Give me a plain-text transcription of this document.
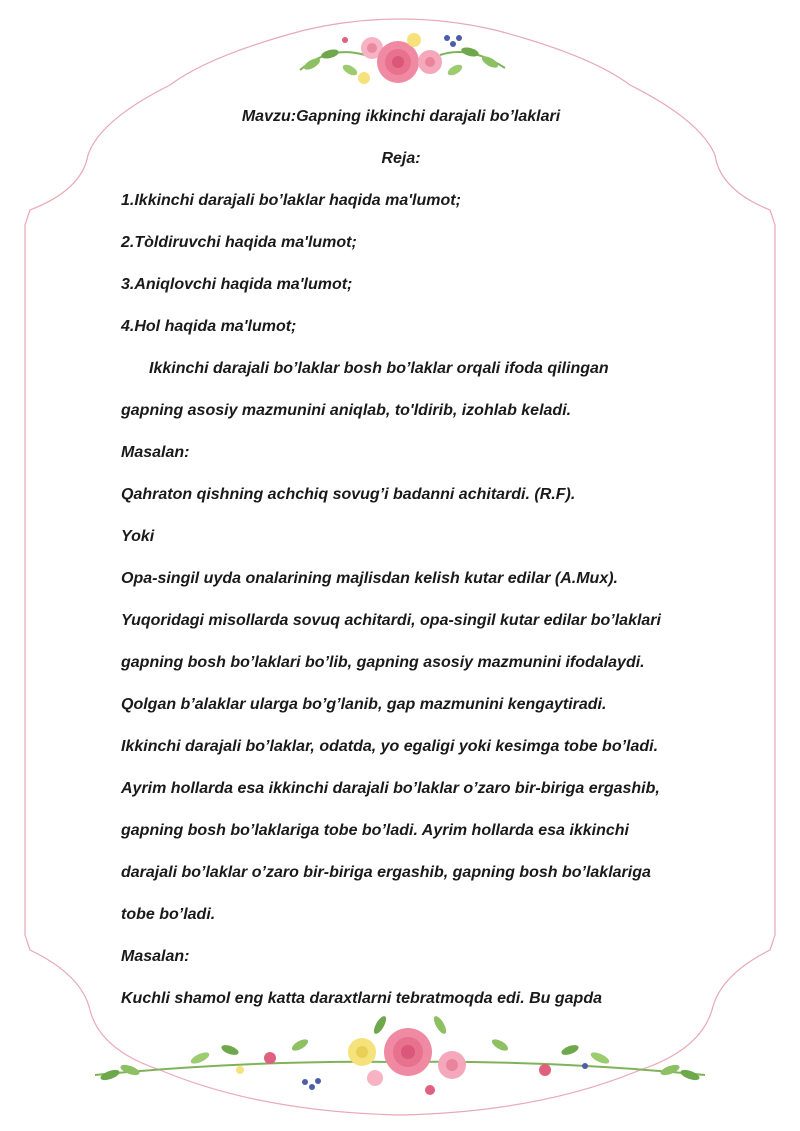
Mavzu:Gapning ikkinchi darajali bo’laklari
Reja:
1.Ikkinchi darajali bo’laklar haqida ma'lumot;
2.Tòldiruvchi haqida ma'lumot;
3.Aniqlovchi haqida ma'lumot;
4.Hol haqida ma'lumot;
Ikkinchi darajali bo’laklar bosh bo’laklar orqali ifoda qilingan
gapning asosiy mazmunini aniqlab, to'ldirib, izohlab keladi.
Masalan:
Qahraton qishning achchiq sovug’i badanni achitardi. (R.F).
Yoki
Opa-singil uyda onalarining majlisdan kelish kutar edilar (A.Mux).
Yuqoridagi misollarda sovuq achitardi, opa-singil kutar edilar bo’laklari
gapning bosh bo’laklari bo’lib, gapning asosiy mazmunini ifodalaydi.
Qolgan b’alaklar ularga bo’g’lanib, gap mazmunini kengaytiradi.
Ikkinchi darajali bo’laklar, odatda, yo egaligi yoki kesimga tobe bo’ladi.
Ayrim hollarda esa ikkinchi darajali bo’laklar o’zaro bir-biriga ergashib,
gapning bosh bo’laklariga tobe bo’ladi. Ayrim hollarda esa ikkinchi
darajali bo’laklar o’zaro bir-biriga ergashib, gapning bosh bo’laklariga
tobe bo’ladi.
Masalan:
Kuchli shamol eng katta daraxtlarni tebratmoqda edi. Bu gapda
